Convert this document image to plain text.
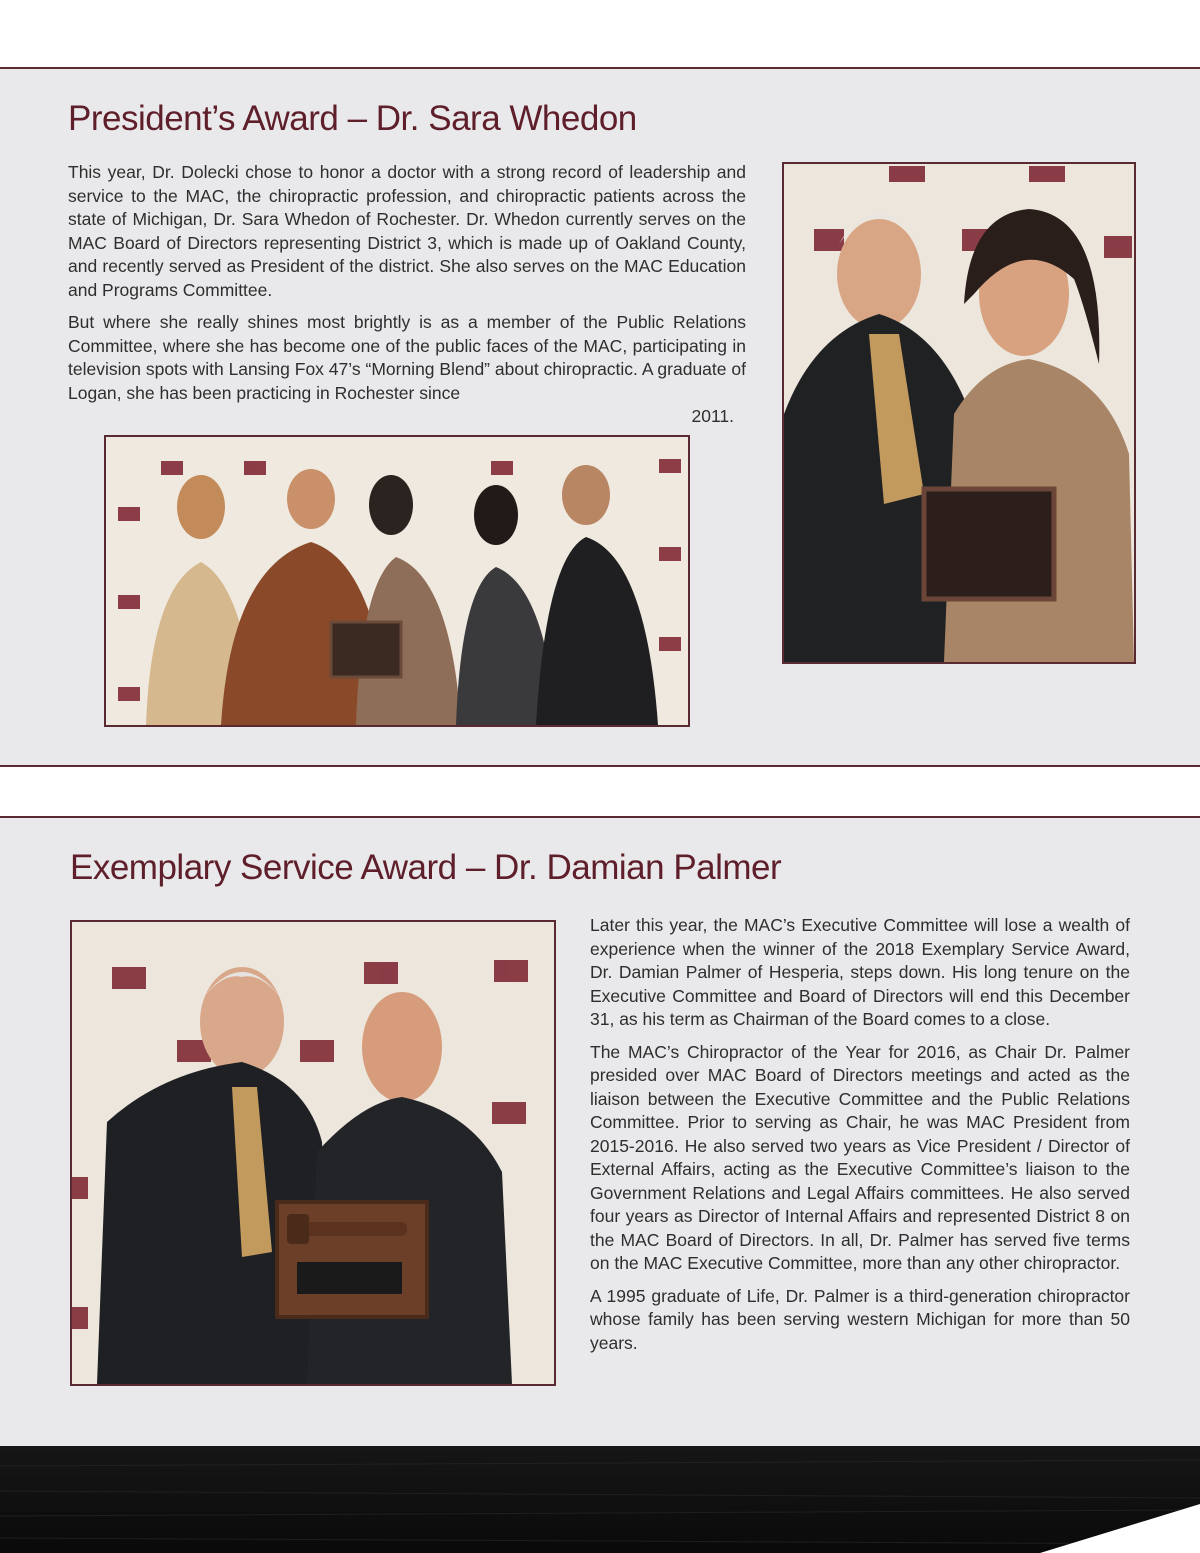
President’s Award – Dr. Sara Whedon

This year, Dr. Dolecki chose to honor a doctor with a strong record of leadership and service to the MAC, the chiropractic profession, and chiropractic patients across the state of Michigan, Dr. Sara Whedon of Rochester. Dr. Whedon currently serves on the MAC Board of Directors representing District 3, which is made up of Oakland County, and recently served as President of the district. She also serves on the MAC Education and Programs Committee.

But where she really shines most brightly is as a member of the Public Relations Committee, where she has become one of the public faces of the MAC, participating in television spots with Lansing Fox 47’s “Morning Blend” about chiropractic. A graduate of Logan, she has been practicing in Rochester since
2011.

Exemplary Service Award – Dr. Damian Palmer

Later this year, the MAC’s Executive Committee will lose a wealth of experience when the winner of the 2018 Exemplary Service Award, Dr. Damian Palmer of Hesperia, steps down. His long tenure on the Executive Committee and Board of Directors will end this December 31, as his term as Chairman of the Board comes to a close.

The MAC’s Chiropractor of the Year for 2016, as Chair Dr. Palmer presided over MAC Board of Directors meetings and acted as the liaison between the Executive Committee and the Public Relations Committee. Prior to serving as Chair, he was MAC President from 2015-2016. He also served two years as Vice President / Director of External Affairs, acting as the Executive Committee’s liaison to the Government Relations and Legal Affairs committees. He also served four years as Director of Internal Affairs and represented District 8 on the MAC Board of Directors. In all, Dr. Palmer has served five terms on the MAC Executive Committee, more than any other chiropractor.

A 1995 graduate of Life, Dr. Palmer is a third-generation chiropractor whose family has been serving western Michigan for more than 50 years.
